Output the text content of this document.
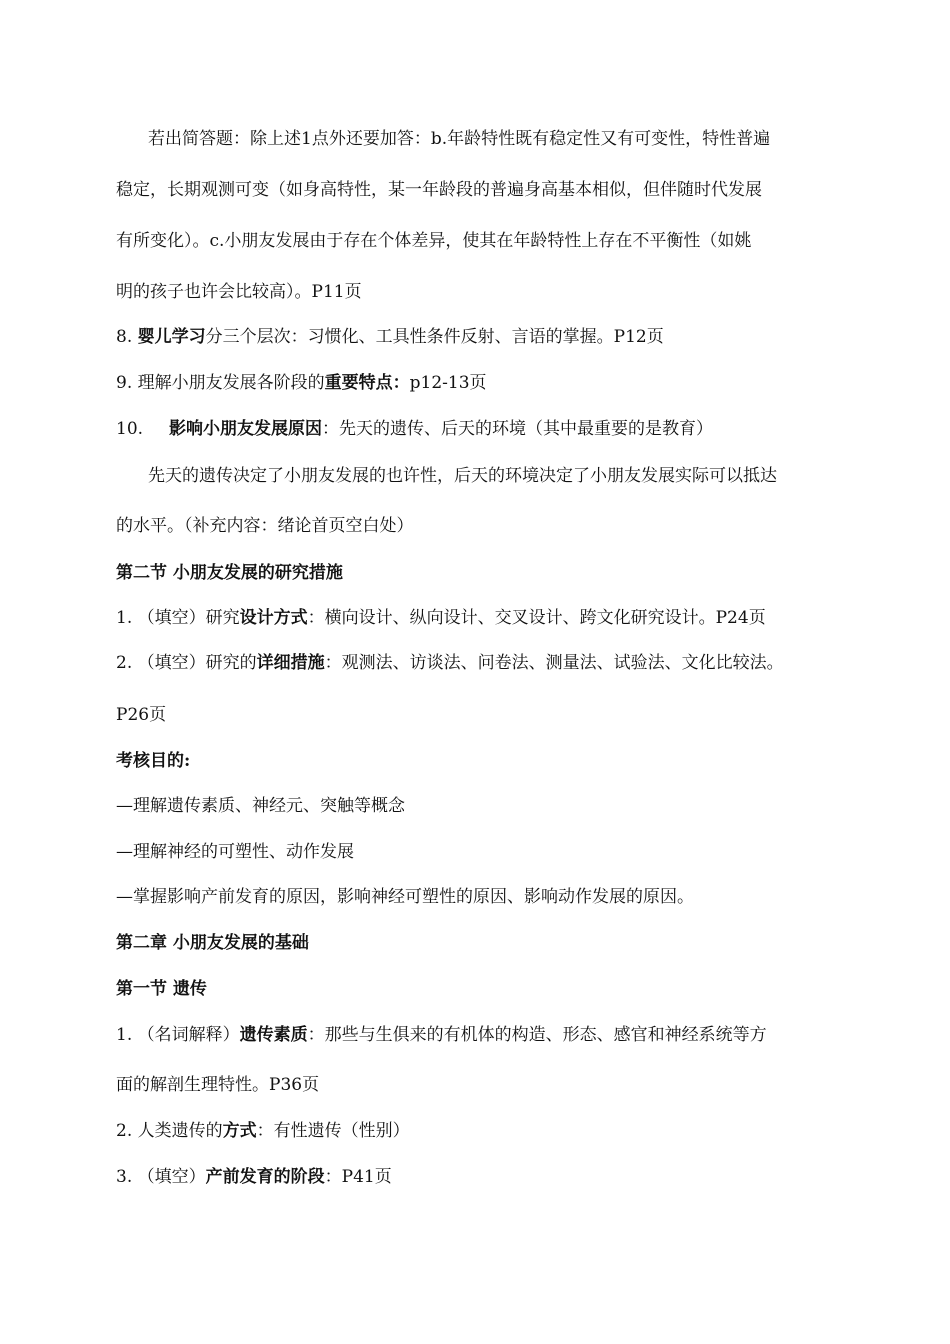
若出简答题：除上述1点外还要加答：b.年龄特性既有稳定性又有可变性，特性普遍
稳定，长期观测可变（如身高特性，某一年龄段的普遍身高基本相似，但伴随时代发展
有所变化）。c.小朋友发展由于存在个体差异，使其在年龄特性上存在不平衡性（如姚
明的孩子也许会比较高）。P11页
8. 婴儿学习分三个层次：习惯化、工具性条件反射、言语的掌握。P12页
9. 理解小朋友发展各阶段的重要特点：p12-13页
10. 影响小朋友发展原因：先天的遗传、后天的环境（其中最重要的是教育）
先天的遗传决定了小朋友发展的也许性，后天的环境决定了小朋友发展实际可以抵达
的水平。（补充内容：绪论首页空白处）
第二节 小朋友发展的研究措施
1. （填空）研究设计方式：横向设计、纵向设计、交叉设计、跨文化研究设计。P24页
2. （填空）研究的详细措施：观测法、访谈法、问卷法、测量法、试验法、文化比较法。
P26页
考核目的:
—理解遗传素质、神经元、突触等概念
—理解神经的可塑性、动作发展
—掌握影响产前发育的原因，影响神经可塑性的原因、影响动作发展的原因。
第二章 小朋友发展的基础
第一节 遗传
1. （名词解释）遗传素质：那些与生俱来的有机体的构造、形态、感官和神经系统等方
面的解剖生理特性。P36页
2. 人类遗传的方式：有性遗传（性别）
3. （填空）产前发育的阶段：P41页
